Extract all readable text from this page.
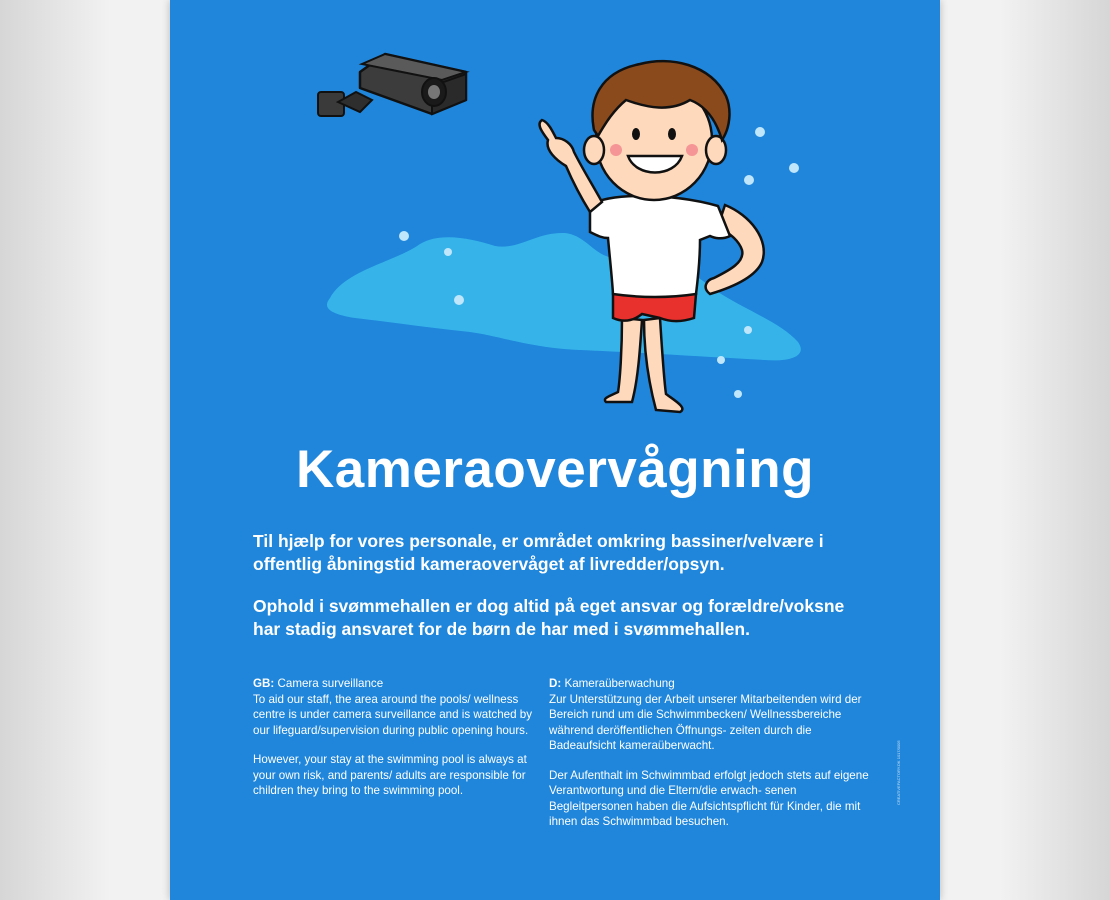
Kameraovervågning
Til hjælp for vores personale, er området omkring bassiner/velvære i offentlig åbningstid kameraovervåget af livredder/opsyn.
Ophold i svømmehallen er dog altid på eget ansvar og forældre/voksne har stadig ansvaret for de børn de har med i svømmehallen.

GB: Camera surveillance

To aid our staff, the area around the pools/ wellness centre is under camera surveillance and is watched by our lifeguard/supervision during public opening hours.

However, your stay at the swimming pool is always at your own risk, and parents/ adults are responsible for children they bring to the swimming pool.

D: Kameraüberwachung

Zur Unterstützung der Arbeit unserer Mitarbeitenden wird der Bereich rund um die Schwimmbecken/ Wellnessbereiche während deröffentlichen Öffnungs- zeiten durch die Badeaufsicht kameraüberwacht.

Der Aufenthalt im Schwimmbad erfolgt jedoch stets auf eigene Verantwortung und die Eltern/die erwach- senen Begleitpersonen haben die Aufsichtspflicht für Kinder, die mit ihnen das Schwimmbad besuchen.

CREATIVEFACTORY.DK 1017/0005
